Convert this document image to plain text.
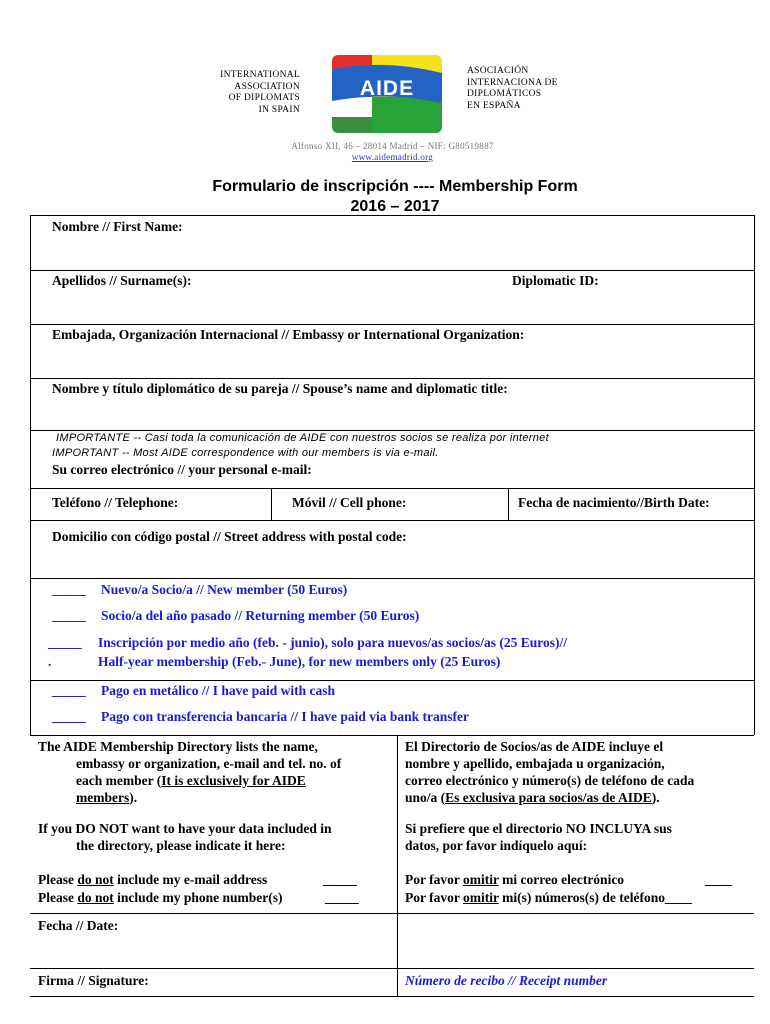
INTERNATIONAL
ASSOCIATION
OF DIPLOMATS
IN SPAIN
AIDE
ASOCIACIÓN
INTERNACIONA DE
DIPLOMÁTICOS
EN ESPAÑA
Alfonso XII, 46 – 28014 Madrid – NIF: G80519887
www.aidemadrid.org
Formulario de inscripción ---- Membership Form
2016 – 2017
Nombre // First Name:
Apellidos // Surname(s):	Diplomatic ID:
Embajada, Organización Internacional // Embassy or International Organization:
Nombre y título diplomático de su pareja // Spouse’s name and diplomatic title:
IMPORTANTE -- Casi toda la comunicación de AIDE con nuestros socios se realiza por internet
IMPORTANT -- Most AIDE correspondence with our members is via e-mail.
Su correo electrónico // your personal e-mail:
Teléfono // Telephone:	Móvil // Cell phone:	Fecha de nacimiento//Birth Date:
Domicilio con código postal // Street address with postal code:
_____ Nuevo/a Socio/a // New member (50 Euros)
_____ Socio/a del año pasado // Returning member (50 Euros)
_____ Inscripción por medio año (feb. - junio), solo para nuevos/as socios/as (25 Euros)//
.	Half-year membership (Feb.- June), for new members only (25 Euros)
_____ Pago en metálico // I have paid with cash
_____ Pago con transferencia bancaria // I have paid via bank transfer
The AIDE Membership Directory lists the name,
embassy or organization, e-mail and tel. no. of
each member (It is exclusively for AIDE
members).
If you DO NOT want to have your data included in
the directory, please indicate it here:
Please do not include my e-mail address	_____
Please do not include my phone number(s)	_____
El Directorio de Socios/as de AIDE incluye el
nombre y apellido, embajada u organización,
correo electrónico y número(s) de teléfono de cada
uno/a (Es exclusiva para socios/as de AIDE).
Si prefiere que el directorio NO INCLUYA sus
datos, por favor indíquelo aquí:
Por favor omitir mi correo electrónico	____
Por favor omitir mi(s) números(s) de teléfono____
Fecha // Date:
Firma // Signature:	Número de recibo // Receipt number
